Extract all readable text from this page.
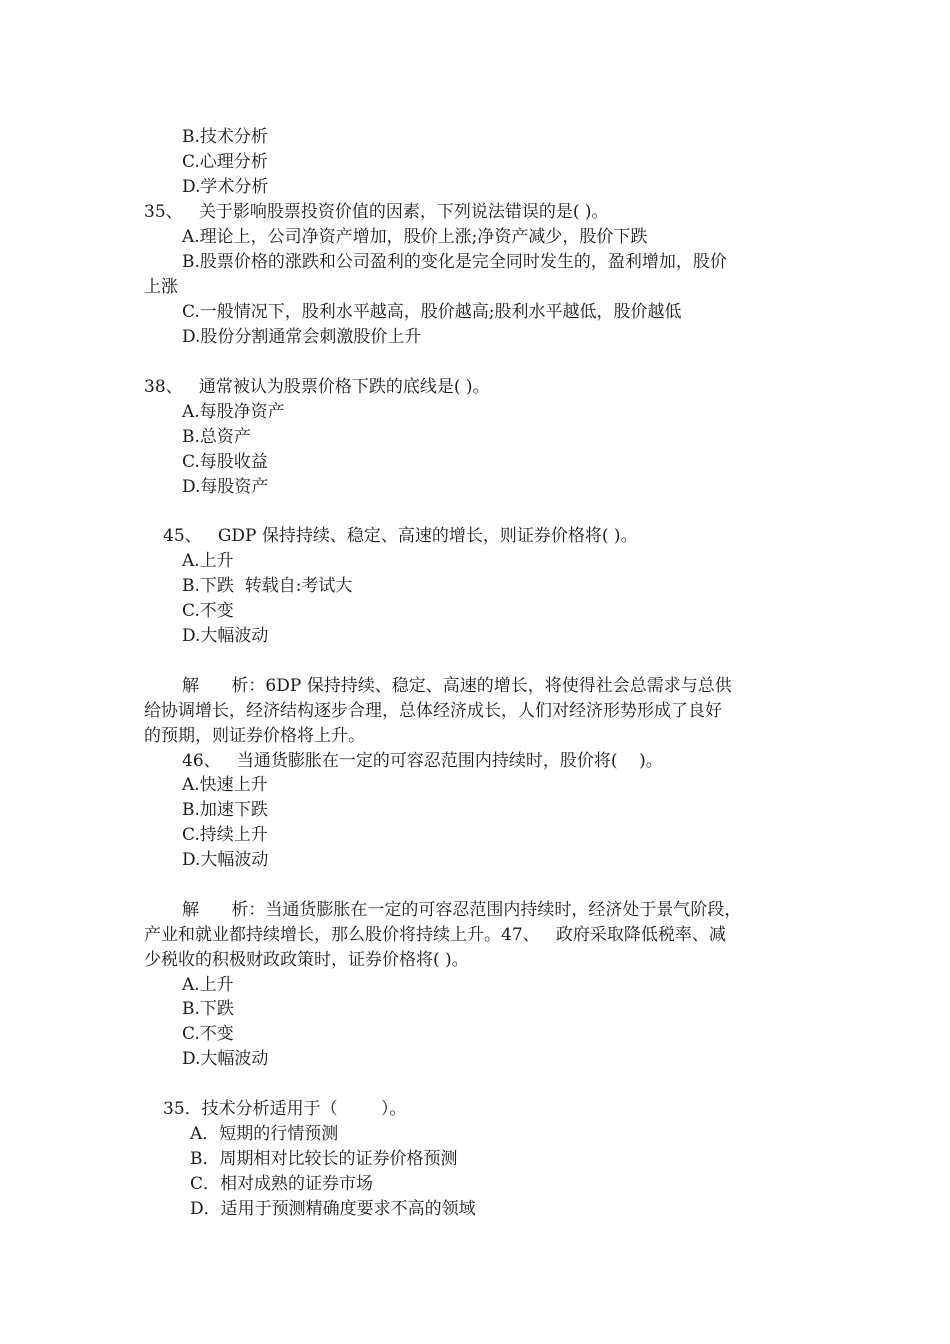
B.技术分析
C.心理分析
D.学术分析
35、   关于影响股票投资价值的因素，下列说法错误的是( )。
A.理论上，公司净资产增加，股价上涨;净资产减少，股价下跌
B.股票价格的涨跌和公司盈利的变化是完全同时发生的，盈利增加，股价
上涨
C.一般情况下，股利水平越高，股价越高;股利水平越低，股价越低
D.股份分割通常会刺激股价上升
38、   通常被认为股票价格下跌的底线是( )。
A.每股净资产
B.总资产
C.每股收益
D.每股资产
45、   GDP 保持持续、稳定、高速的增长，则证券价格将( )。
A.上升
B.下跌  转载自:考试大
C.不变
D.大幅波动
解      析：6DP 保持持续、稳定、高速的增长，将使得社会总需求与总供
给协调增长，经济结构逐步合理，总体经济成长，人们对经济形势形成了良好
的预期，则证券价格将上升。
46、   当通货膨胀在一定的可容忍范围内持续时，股价将(    )。
A.快速上升
B.加速下跌
C.持续上升
D.大幅波动
解      析：当通货膨胀在一定的可容忍范围内持续时，经济处于景气阶段，
产业和就业都持续增长，那么股价将持续上升。47、   政府采取降低税率、减
少税收的积极财政政策时，证券价格将( )。
A.上升
B.下跌
C.不变
D.大幅波动
35．技术分析适用于（        ）。
A．短期的行情预测
B．周期相对比较长的证券价格预测
C．相对成熟的证券市场
D．适用于预测精确度要求不高的领域
